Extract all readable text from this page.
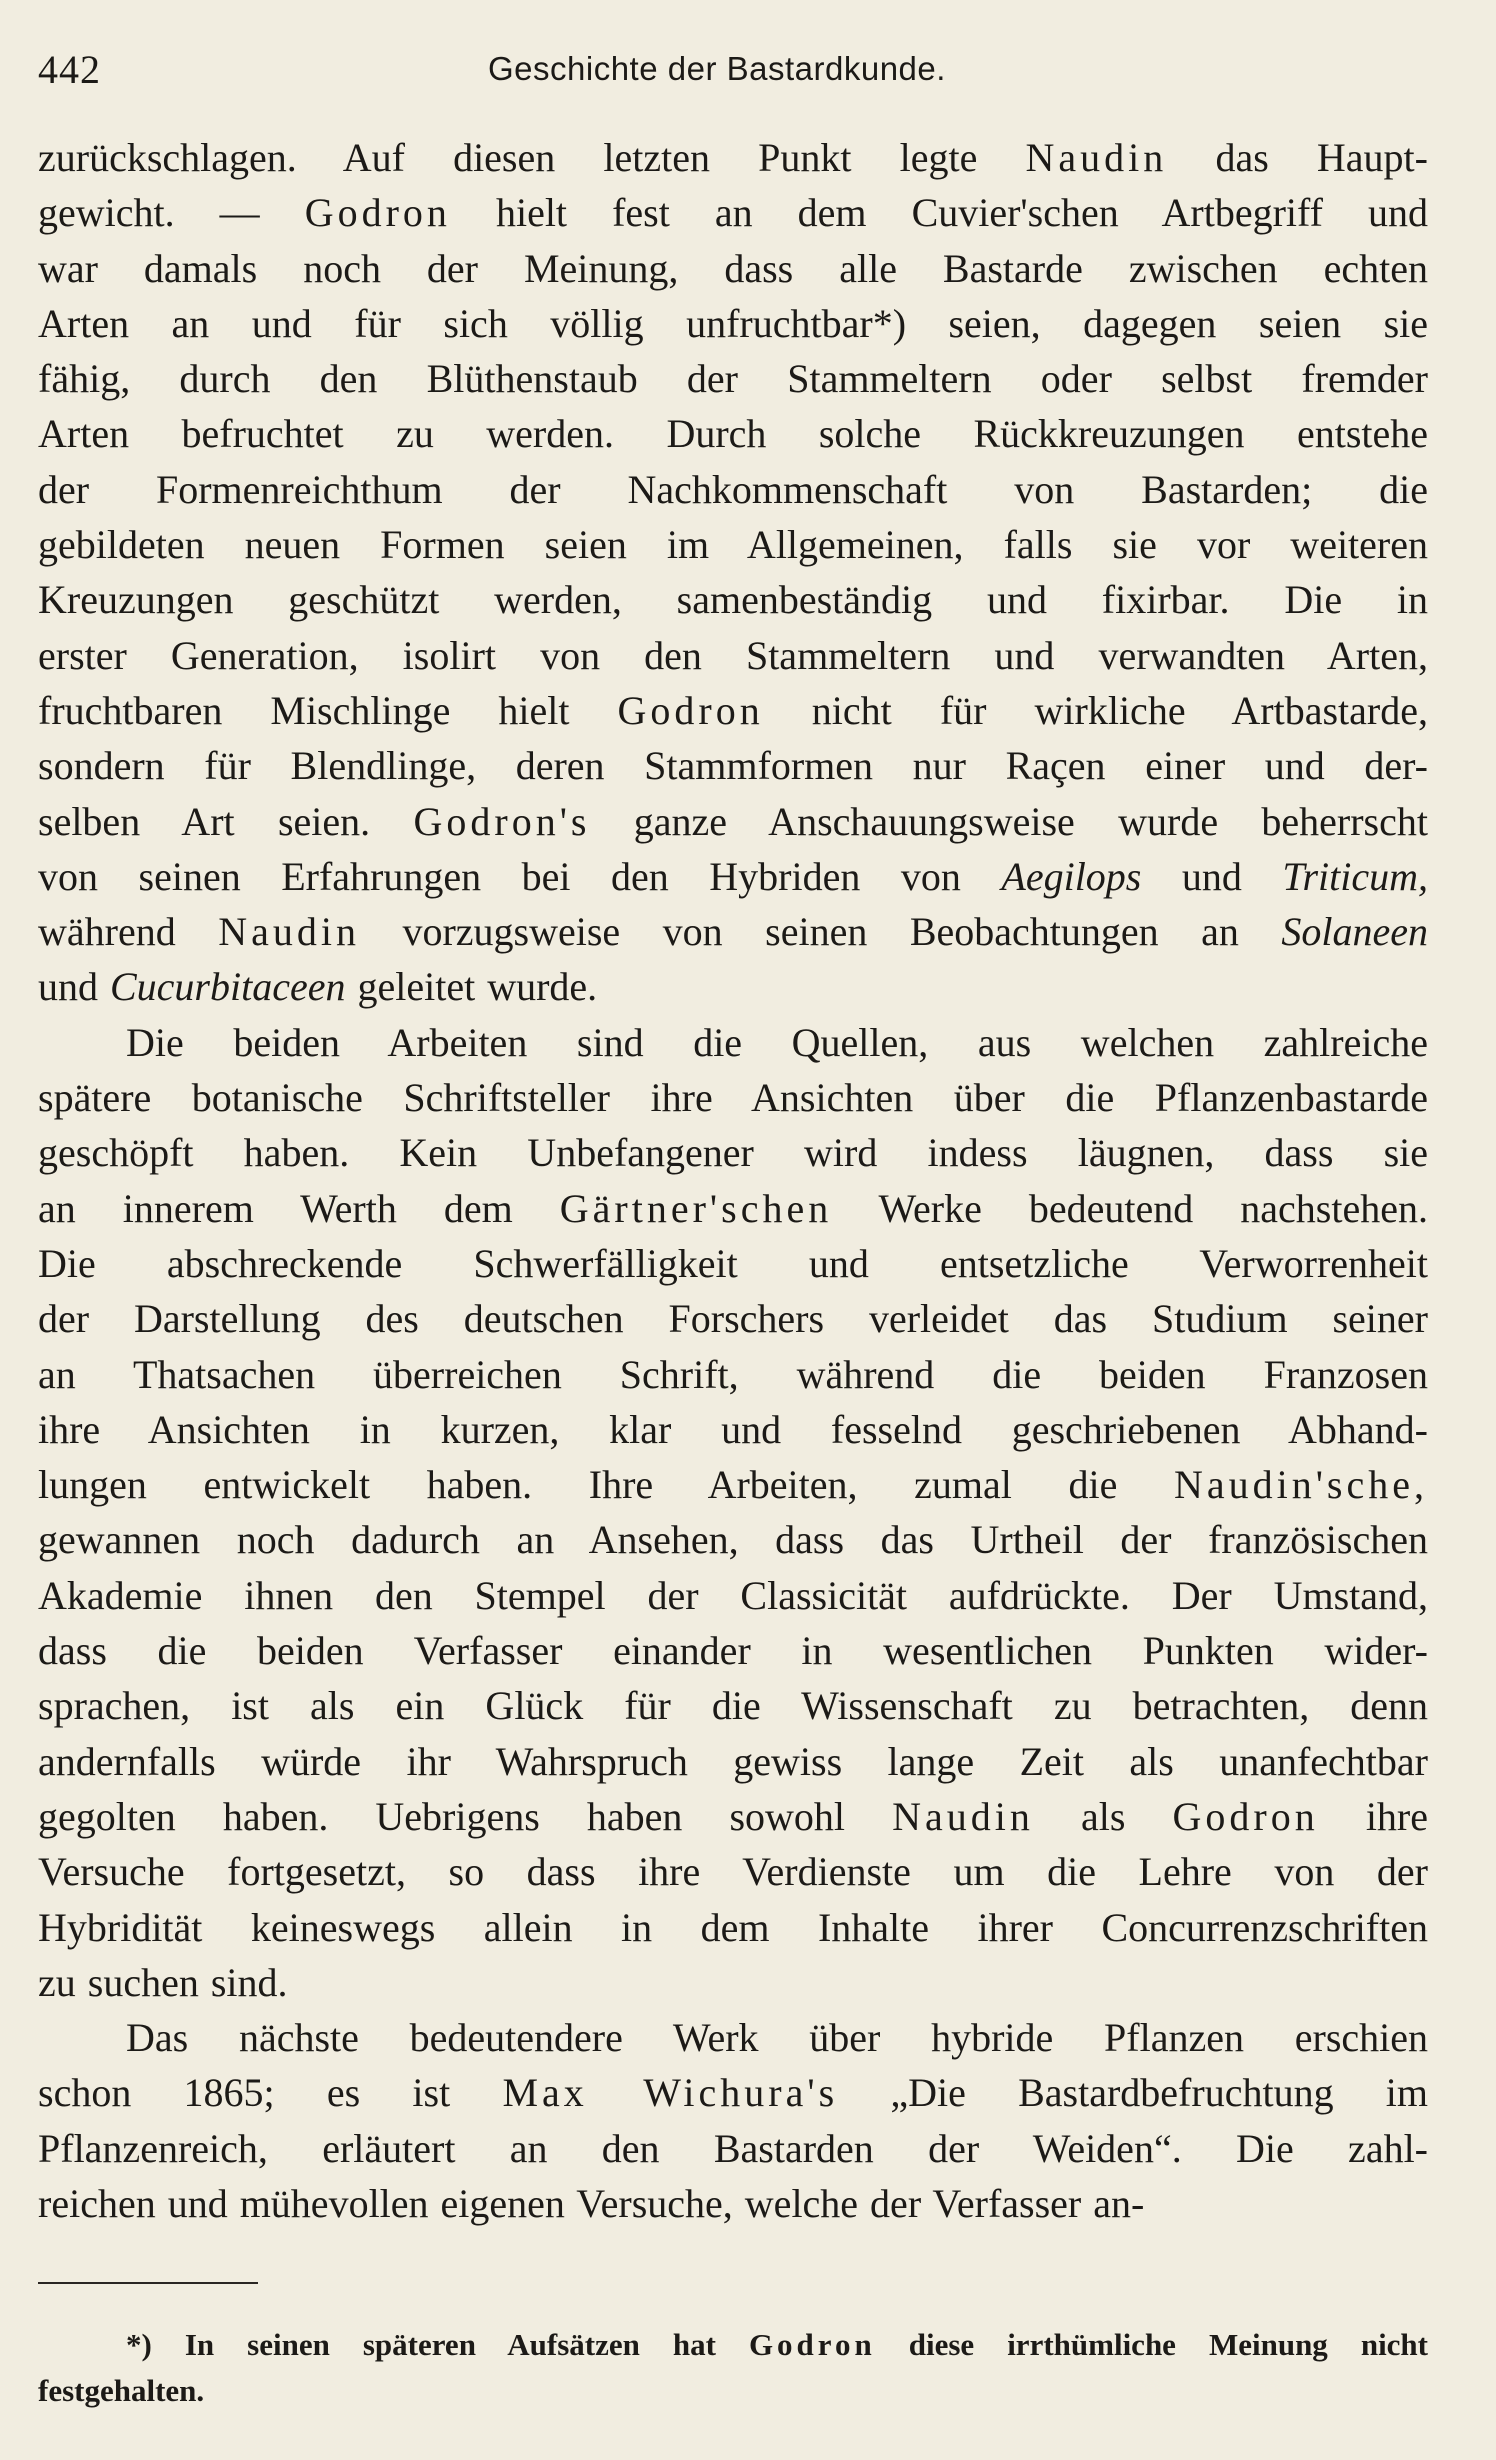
442	Geschichte der Bastardkunde.
zurückschlagen. Auf diesen letzten Punkt legte Naudin das Haupt-
gewicht. — Godron hielt fest an dem Cuvier'schen Artbegriff und
war damals noch der Meinung, dass alle Bastarde zwischen echten
Arten an und für sich völlig unfruchtbar*) seien, dagegen seien sie
fähig, durch den Blüthenstaub der Stammeltern oder selbst fremder
Arten befruchtet zu werden. Durch solche Rückkreuzungen entstehe
der Formenreichthum der Nachkommenschaft von Bastarden; die
gebildeten neuen Formen seien im Allgemeinen, falls sie vor weiteren
Kreuzungen geschützt werden, samenbeständig und fixirbar. Die in
erster Generation, isolirt von den Stammeltern und verwandten Arten,
fruchtbaren Mischlinge hielt Godron nicht für wirkliche Artbastarde,
sondern für Blendlinge, deren Stammformen nur Raçen einer und der-
selben Art seien. Godron's ganze Anschauungsweise wurde beherrscht
von seinen Erfahrungen bei den Hybriden von Aegilops und Triticum,
während Naudin vorzugsweise von seinen Beobachtungen an Solaneen
und Cucurbitaceen geleitet wurde.
Die beiden Arbeiten sind die Quellen, aus welchen zahlreiche
spätere botanische Schriftsteller ihre Ansichten über die Pflanzenbastarde
geschöpft haben. Kein Unbefangener wird indess läugnen, dass sie
an innerem Werth dem Gärtner'schen Werke bedeutend nachstehen.
Die abschreckende Schwerfälligkeit und entsetzliche Verworrenheit
der Darstellung des deutschen Forschers verleidet das Studium seiner
an Thatsachen überreichen Schrift, während die beiden Franzosen
ihre Ansichten in kurzen, klar und fesselnd geschriebenen Abhand-
lungen entwickelt haben. Ihre Arbeiten, zumal die Naudin'sche,
gewannen noch dadurch an Ansehen, dass das Urtheil der französischen
Akademie ihnen den Stempel der Classicität aufdrückte. Der Umstand,
dass die beiden Verfasser einander in wesentlichen Punkten wider-
sprachen, ist als ein Glück für die Wissenschaft zu betrachten, denn
andernfalls würde ihr Wahrspruch gewiss lange Zeit als unanfechtbar
gegolten haben. Uebrigens haben sowohl Naudin als Godron ihre
Versuche fortgesetzt, so dass ihre Verdienste um die Lehre von der
Hybridität keineswegs allein in dem Inhalte ihrer Concurrenzschriften
zu suchen sind.
Das nächste bedeutendere Werk über hybride Pflanzen erschien
schon 1865; es ist Max Wichura's „Die Bastardbefruchtung im
Pflanzenreich, erläutert an den Bastarden der Weiden“. Die zahl-
reichen und mühevollen eigenen Versuche, welche der Verfasser an-
*) In seinen späteren Aufsätzen hat Godron diese irrthümliche Meinung nicht
festgehalten.
